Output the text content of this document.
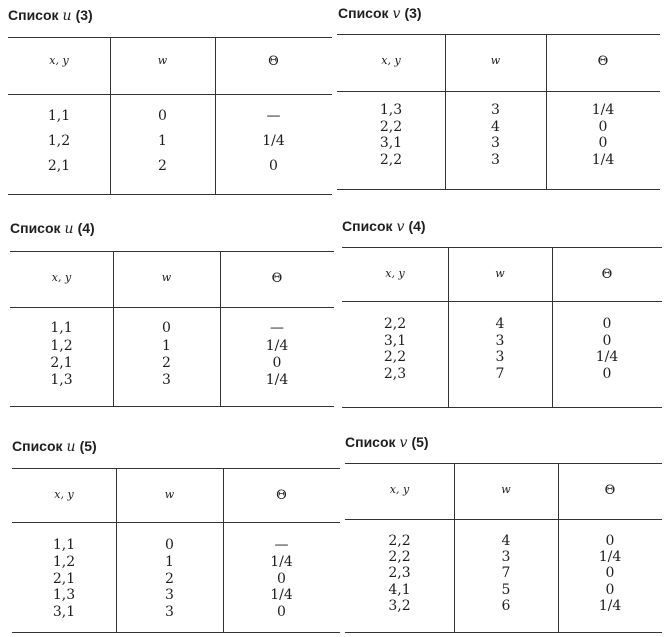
Список u (3)
x, y	w	Θ
1,1	0	—
1,2	1	1/4
2,1	2	0
Список v (3)
x, y	w	Θ
1,3	3	1/4
2,2	4	0
3,1	3	0
2,2	3	1/4
Список u (4)
x, y	w	Θ
1,1	0	—
1,2	1	1/4
2,1	2	0
1,3	3	1/4
Список v (4)
x, y	w	Θ
2,2	4	0
3,1	3	0
2,2	3	1/4
2,3	7	0
Список u (5)
x, y	w	Θ
1,1	0	—
1,2	1	1/4
2,1	2	0
1,3	3	1/4
3,1	3	0
Список v (5)
x, y	w	Θ
2,2	4	0
2,2	3	1/4
2,3	7	0
4,1	5	0
3,2	6	1/4
